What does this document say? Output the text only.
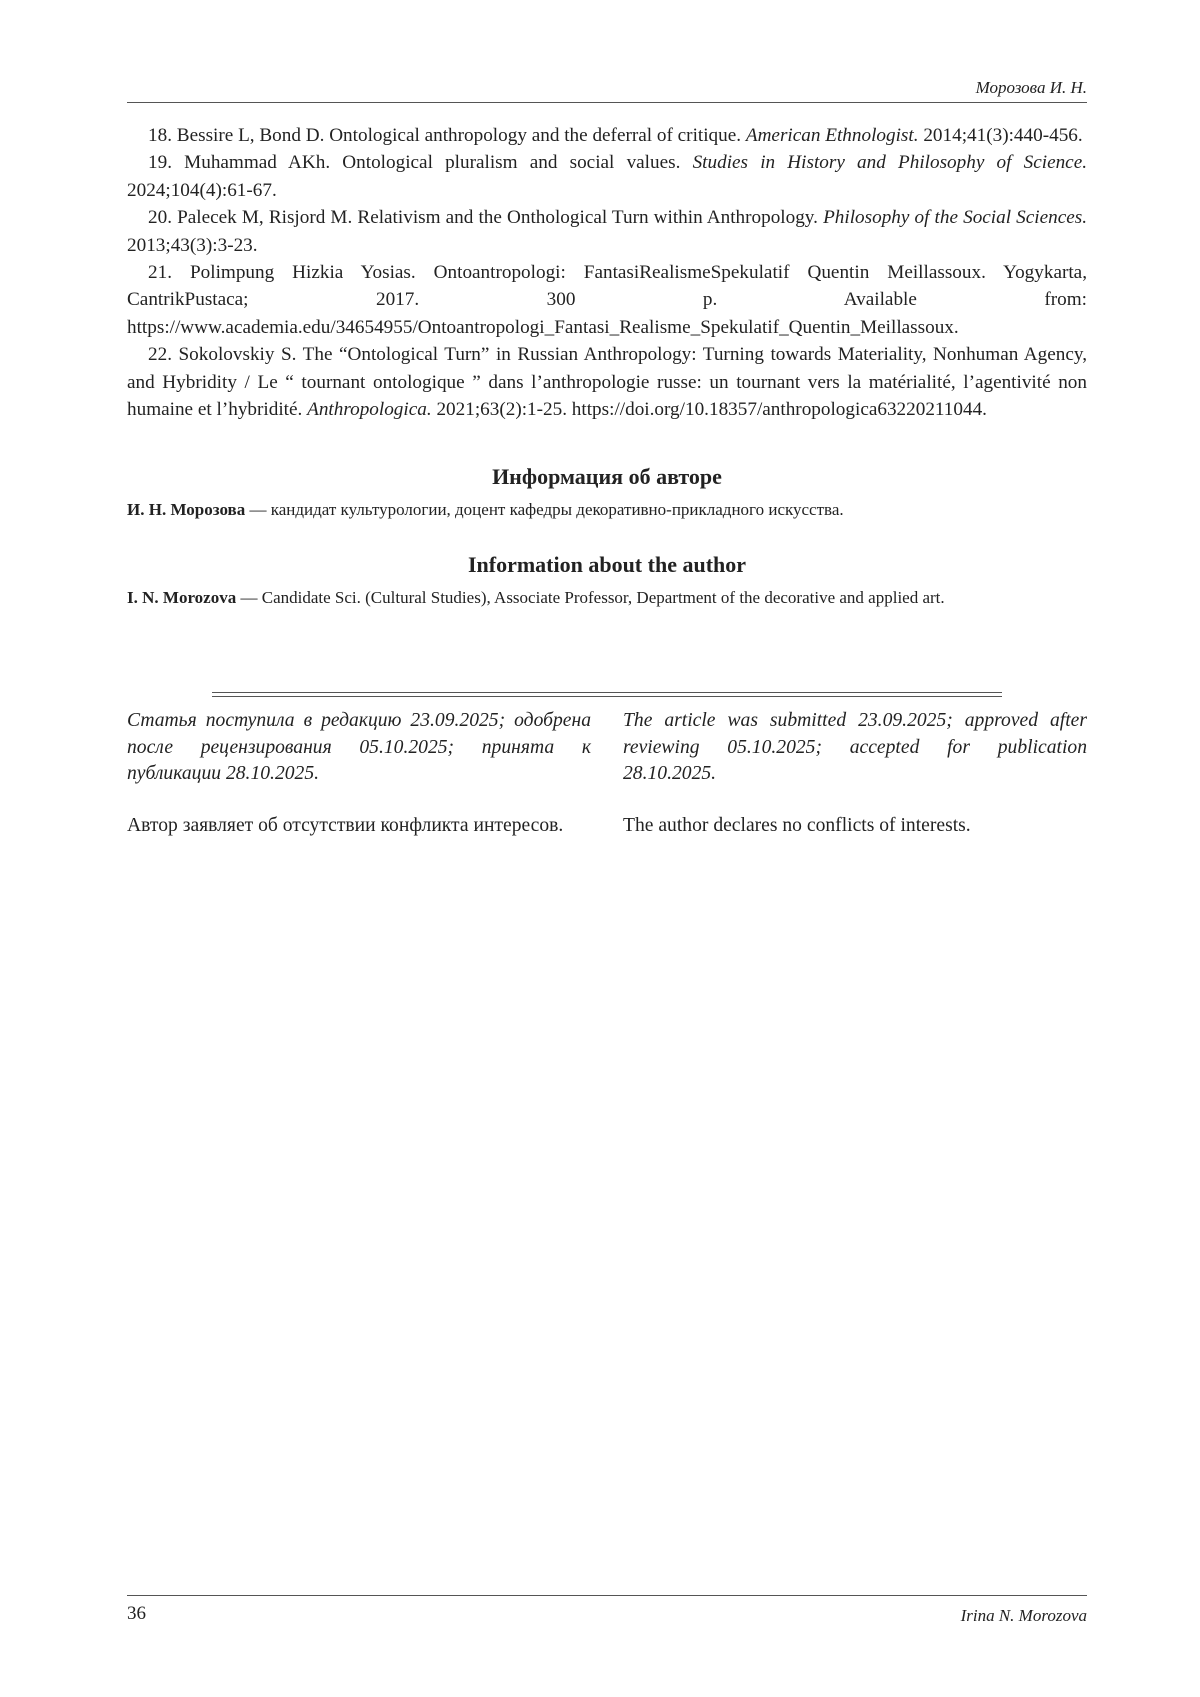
Морозова И. Н.

18. Bessire L, Bond D. Ontological anthropology and the deferral of critique. American Ethnologist. 2014;41(3):440-456.

19. Muhammad AKh. Ontological pluralism and social values. Studies in History and Philosophy of Science. 2024;104(4):61-67.

20. Palecek M, Risjord M. Relativism and the Onthological Turn within Anthropology. Philosophy of the Social Sciences. 2013;43(3):3-23.

21. Polimpung Hizkia Yosias. Ontoantropologi: FantasiRealismeSpekulatif Quentin Meillassoux. Yogykarta, CantrikPustaca; 2017. 300 p. Available from: https://www.academia.edu/34654955/Ontoantropologi_Fantasi_Realisme_Spekulatif_Quentin_Meillassoux.

22. Sokolovskiy S. The “Ontological Turn” in Russian Anthropology: Turning towards Materiality, Nonhuman Agency, and Hybridity / Le “ tournant ontologique ” dans l’anthropologie russe: un tournant vers la matérialité, l’agentivité non humaine et l’hybridité. Anthropologica. 2021;63(2):1-25. https://doi.org/10.18357/anthropologica63220211044.

Информация об авторе
И. Н. Морозова — кандидат культурологии, доцент кафедры декоративно-прикладного искусства.
Information about the author
I. N. Morozova — Candidate Sci. (Cultural Studies), Associate Professor, Department of the decorative and applied art.

Статья поступила в редакцию 23.09.2025; одобрена после рецензирования 05.10.2025; принята к публикации 28.10.2025.

The article was submitted 23.09.2025; approved after reviewing 05.10.2025; accepted for publication 28.10.2025.

Автор заявляет об отсутствии конфликта интересов.	The author declares no conflicts of interests.

36	Irina N. Morozova
